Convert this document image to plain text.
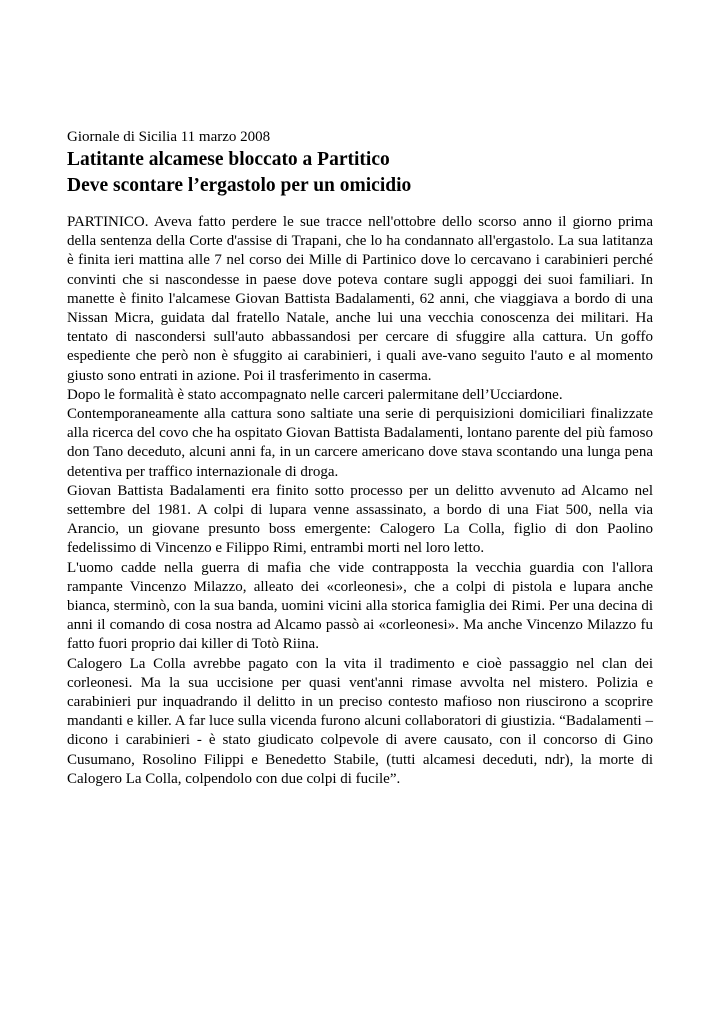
Giornale di Sicilia 11 marzo 2008

Latitante alcamese bloccato a Partitico

Deve scontare l’ergastolo per un omicidio

PARTINICO. Aveva fatto perdere le sue tracce nell'ottobre dello scorso anno il giorno prima della sentenza della Corte d'assise di Trapani, che lo ha condannato all'ergastolo. La sua latitanza è finita ieri mattina alle 7 nel corso dei Mille di Partinico dove lo cercavano i carabinieri perché convinti che si nascondesse in paese dove poteva contare sugli appoggi dei suoi familiari. In manette è finito l'alcamese Giovan Battista Badalamenti, 62 anni, che viaggiava a bordo di una Nissan Micra, guidata dal fratello Natale, anche lui una vecchia conoscenza dei militari. Ha tentato di nascondersi sull'auto abbassandosi per cercare di sfuggire alla cattura. Un goffo espediente che però non è sfuggito ai carabinieri, i quali ave-vano seguito l'auto e al momento giusto sono entrati in azione. Poi il trasferimento in caserma.
Dopo le formalità è stato accompagnato nelle carceri palermitane dell’Ucciardone.
Contemporaneamente alla cattura sono saltiate una serie di perquisizioni domiciliari finalizzate alla ricerca del covo che ha ospitato Giovan Battista Badalamenti, lontano parente del più famoso don Tano deceduto, alcuni anni fa, in un carcere americano dove stava scontando una lunga pena detentiva per traffico internazionale di droga.
Giovan Battista Badalamenti era finito sotto processo per un delitto avvenuto ad Alcamo nel settembre del 1981. A colpi di lupara venne assassinato, a bordo di una Fiat 500, nella via Arancio, un giovane presunto boss emergente: Calogero La Colla, figlio di don Paolino fedelissimo di Vincenzo e Filippo Rimi, entrambi morti nel loro letto.
L'uomo cadde nella guerra di mafia che vide contrapposta la vecchia guardia con l'allora rampante Vincenzo Milazzo, alleato dei «corleonesi», che a colpi di pistola e lupara anche bianca, sterminò, con la sua banda, uomini vicini alla storica famiglia dei Rimi. Per una decina di anni il comando di cosa nostra ad Alcamo passò ai «corleonesi». Ma anche Vincenzo Milazzo fu fatto fuori proprio dai killer di Totò Riina.
Calogero La Colla avrebbe pagato con la vita il tradimento e cioè passaggio nel clan dei corleonesi. Ma la sua uccisione per quasi vent'anni rimase avvolta nel mistero. Polizia e carabinieri pur inquadrando il delitto in un preciso contesto mafioso non riuscirono a scoprire mandanti e killer. A far luce sulla vicenda furono alcuni collaboratori di giustizia. “Badalamenti – dicono i carabinieri - è stato giudicato colpevole di avere causato, con il concorso di Gino Cusumano, Rosolino Filippi e Benedetto Stabile, (tutti alcamesi deceduti, ndr), la morte di Calogero La Colla, colpendolo con due colpi di fucile”.
